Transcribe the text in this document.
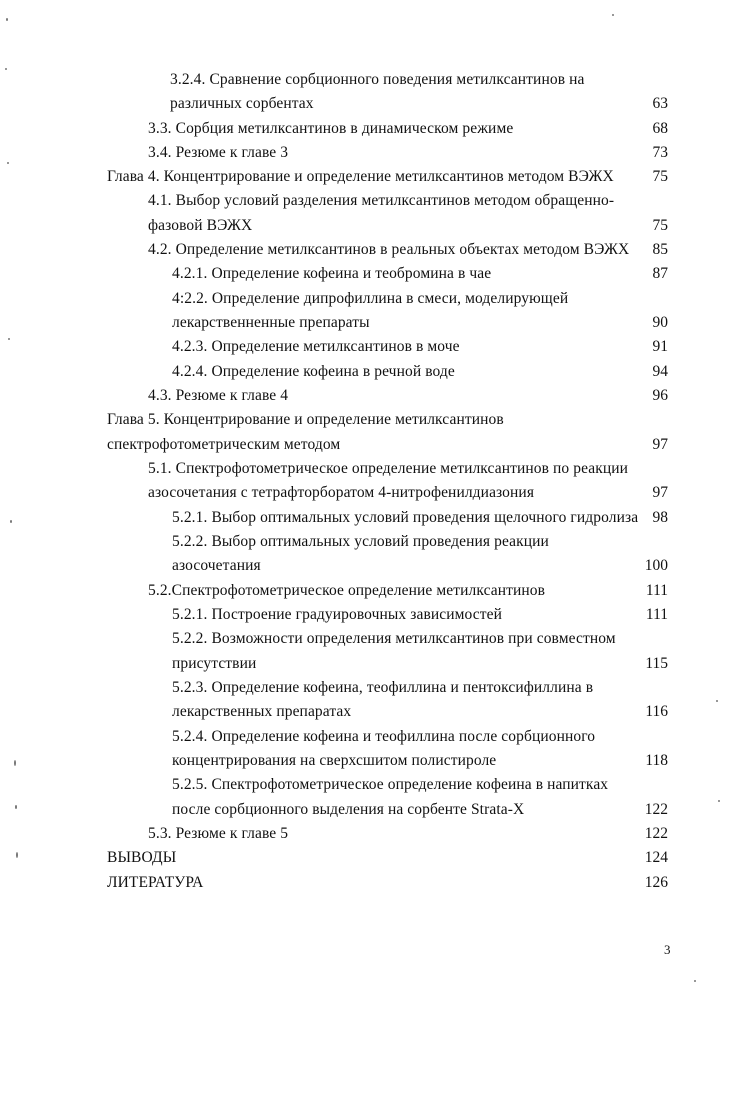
3.2.4. Сравнение сорбционного поведения метилксантинов на
различных сорбентах	63
3.3. Сорбция метилксантинов в динамическом режиме	68
3.4. Резюме к главе 3	73
Глава 4. Концентрирование и определение метилксантинов методом ВЭЖХ	75
4.1. Выбор условий разделения метилксантинов методом обращенно-
фазовой ВЭЖХ	75
4.2. Определение метилксантинов в реальных объектах методом ВЭЖХ	85
4.2.1. Определение кофеина и теобромина в чае	87
4:2.2. Определение дипрофиллина в смеси, моделирующей
лекарственненные препараты	90
4.2.3. Определение метилксантинов в моче	91
4.2.4. Определение кофеина в речной воде	94
4.3. Резюме к главе 4	96
Глава 5. Концентрирование и определение метилксантинов
спектрофотометрическим методом	97
5.1. Спектрофотометрическое определение метилксантинов по реакции
азосочетания с тетрафторборатом 4-нитрофенилдиазония	97
5.2.1. Выбор оптимальных условий проведения щелочного гидролиза 98
5.2.2. Выбор оптимальных условий проведения реакции
азосочетания	100
5.2.Спектрофотометрическое определение метилксантинов	111
5.2.1. Построение градуировочных зависимостей	111
5.2.2. Возможности определения метилксантинов при совместном
присутствии	115
5.2.3. Определение кофеина, теофиллина и пентоксифиллина в
лекарственных препаратах	116
5.2.4. Определение кофеина и теофиллина после сорбционного
концентрирования на сверхсшитом полистироле	118
5.2.5. Спектрофотометрическое определение кофеина в напитках
после сорбционного выделения на сорбенте Strata-X	122
5.3. Резюме к главе 5	122
ВЫВОДЫ	124
ЛИТЕРАТУРА	126
3
